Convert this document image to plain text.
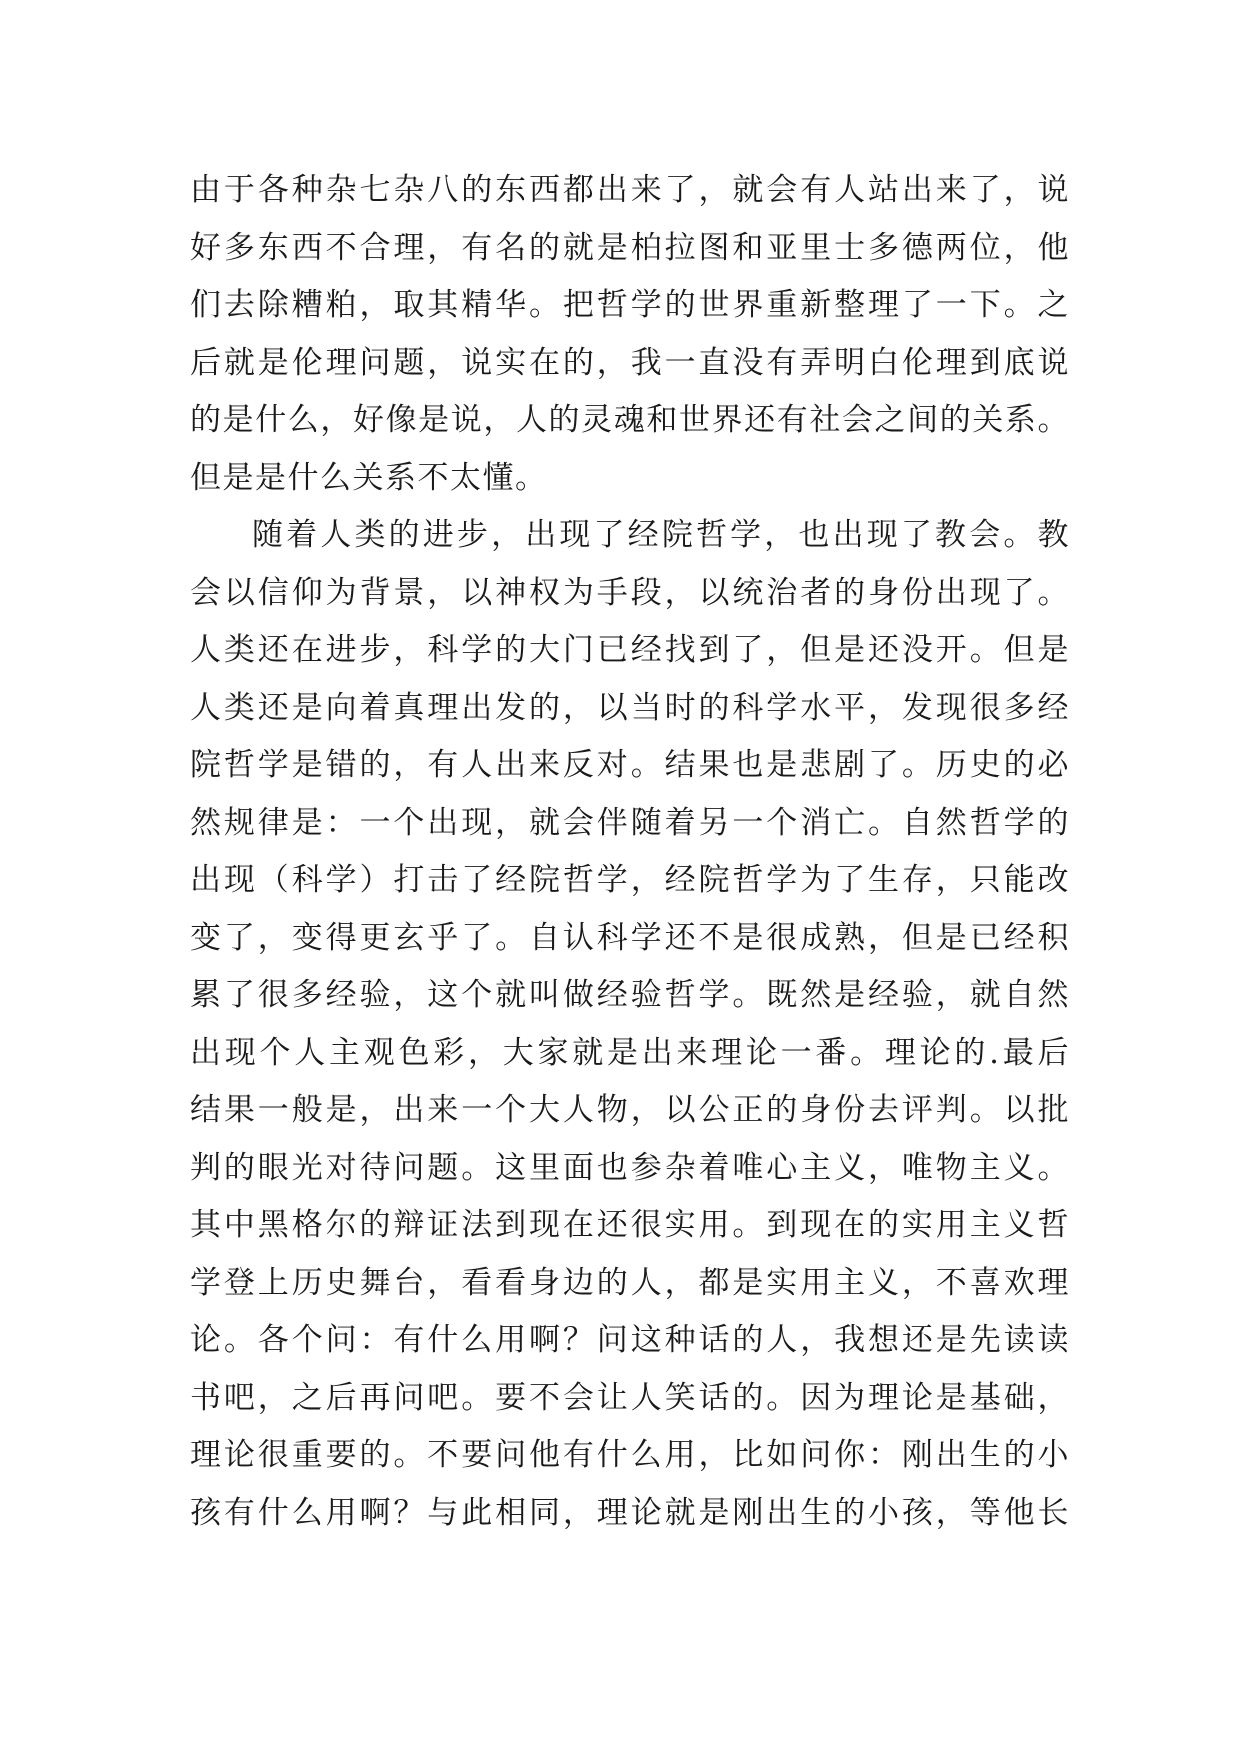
由于各种杂七杂八的东西都出来了，就会有人站出来了，说
好多东西不合理，有名的就是柏拉图和亚里士多德两位，他
们去除糟粕，取其精华。把哲学的世界重新整理了一下。之
后就是伦理问题，说实在的，我一直没有弄明白伦理到底说
的是什么，好像是说，人的灵魂和世界还有社会之间的关系。
但是是什么关系不太懂。
随着人类的进步，出现了经院哲学，也出现了教会。教
会以信仰为背景，以神权为手段，以统治者的身份出现了。
人类还在进步，科学的大门已经找到了，但是还没开。但是
人类还是向着真理出发的，以当时的科学水平，发现很多经
院哲学是错的，有人出来反对。结果也是悲剧了。历史的必
然规律是：一个出现，就会伴随着另一个消亡。自然哲学的
出现（科学）打击了经院哲学，经院哲学为了生存，只能改
变了，变得更玄乎了。自认科学还不是很成熟，但是已经积
累了很多经验，这个就叫做经验哲学。既然是经验，就自然
出现个人主观色彩，大家就是出来理论一番。理论的.最后
结果一般是，出来一个大人物，以公正的身份去评判。以批
判的眼光对待问题。这里面也参杂着唯心主义，唯物主义。
其中黑格尔的辩证法到现在还很实用。到现在的实用主义哲
学登上历史舞台，看看身边的人，都是实用主义，不喜欢理
论。各个问：有什么用啊？问这种话的人，我想还是先读读
书吧，之后再问吧。要不会让人笑话的。因为理论是基础，
理论很重要的。不要问他有什么用，比如问你：刚出生的小
孩有什么用啊？与此相同，理论就是刚出生的小孩，等他长
